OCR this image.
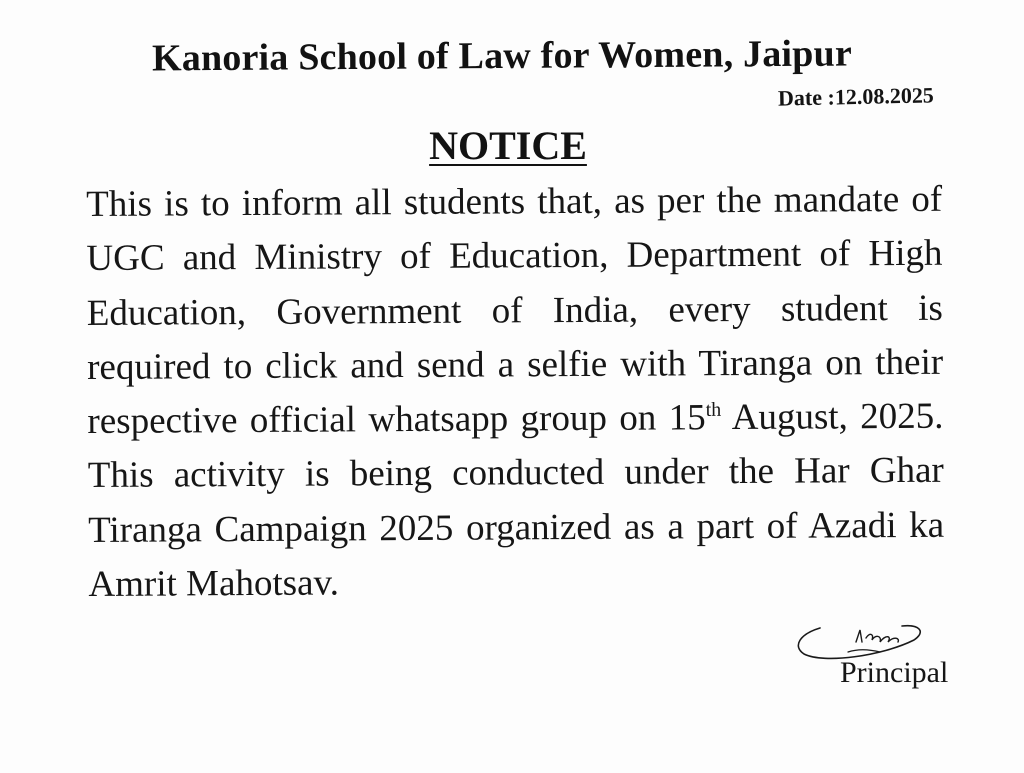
Kanoria School of Law for Women, Jaipur

Date :12.08.2025

NOTICE

This is to inform all students that, as per the mandate of UGC and Ministry of Education, Department of High Education, Government of India, every student is required to click and send a selfie with Tiranga on their respective official whatsapp group on 15th August, 2025. This activity is being conducted under the Har Ghar Tiranga Campaign 2025 organized as a part of Azadi ka Amrit Mahotsav.

Principal
